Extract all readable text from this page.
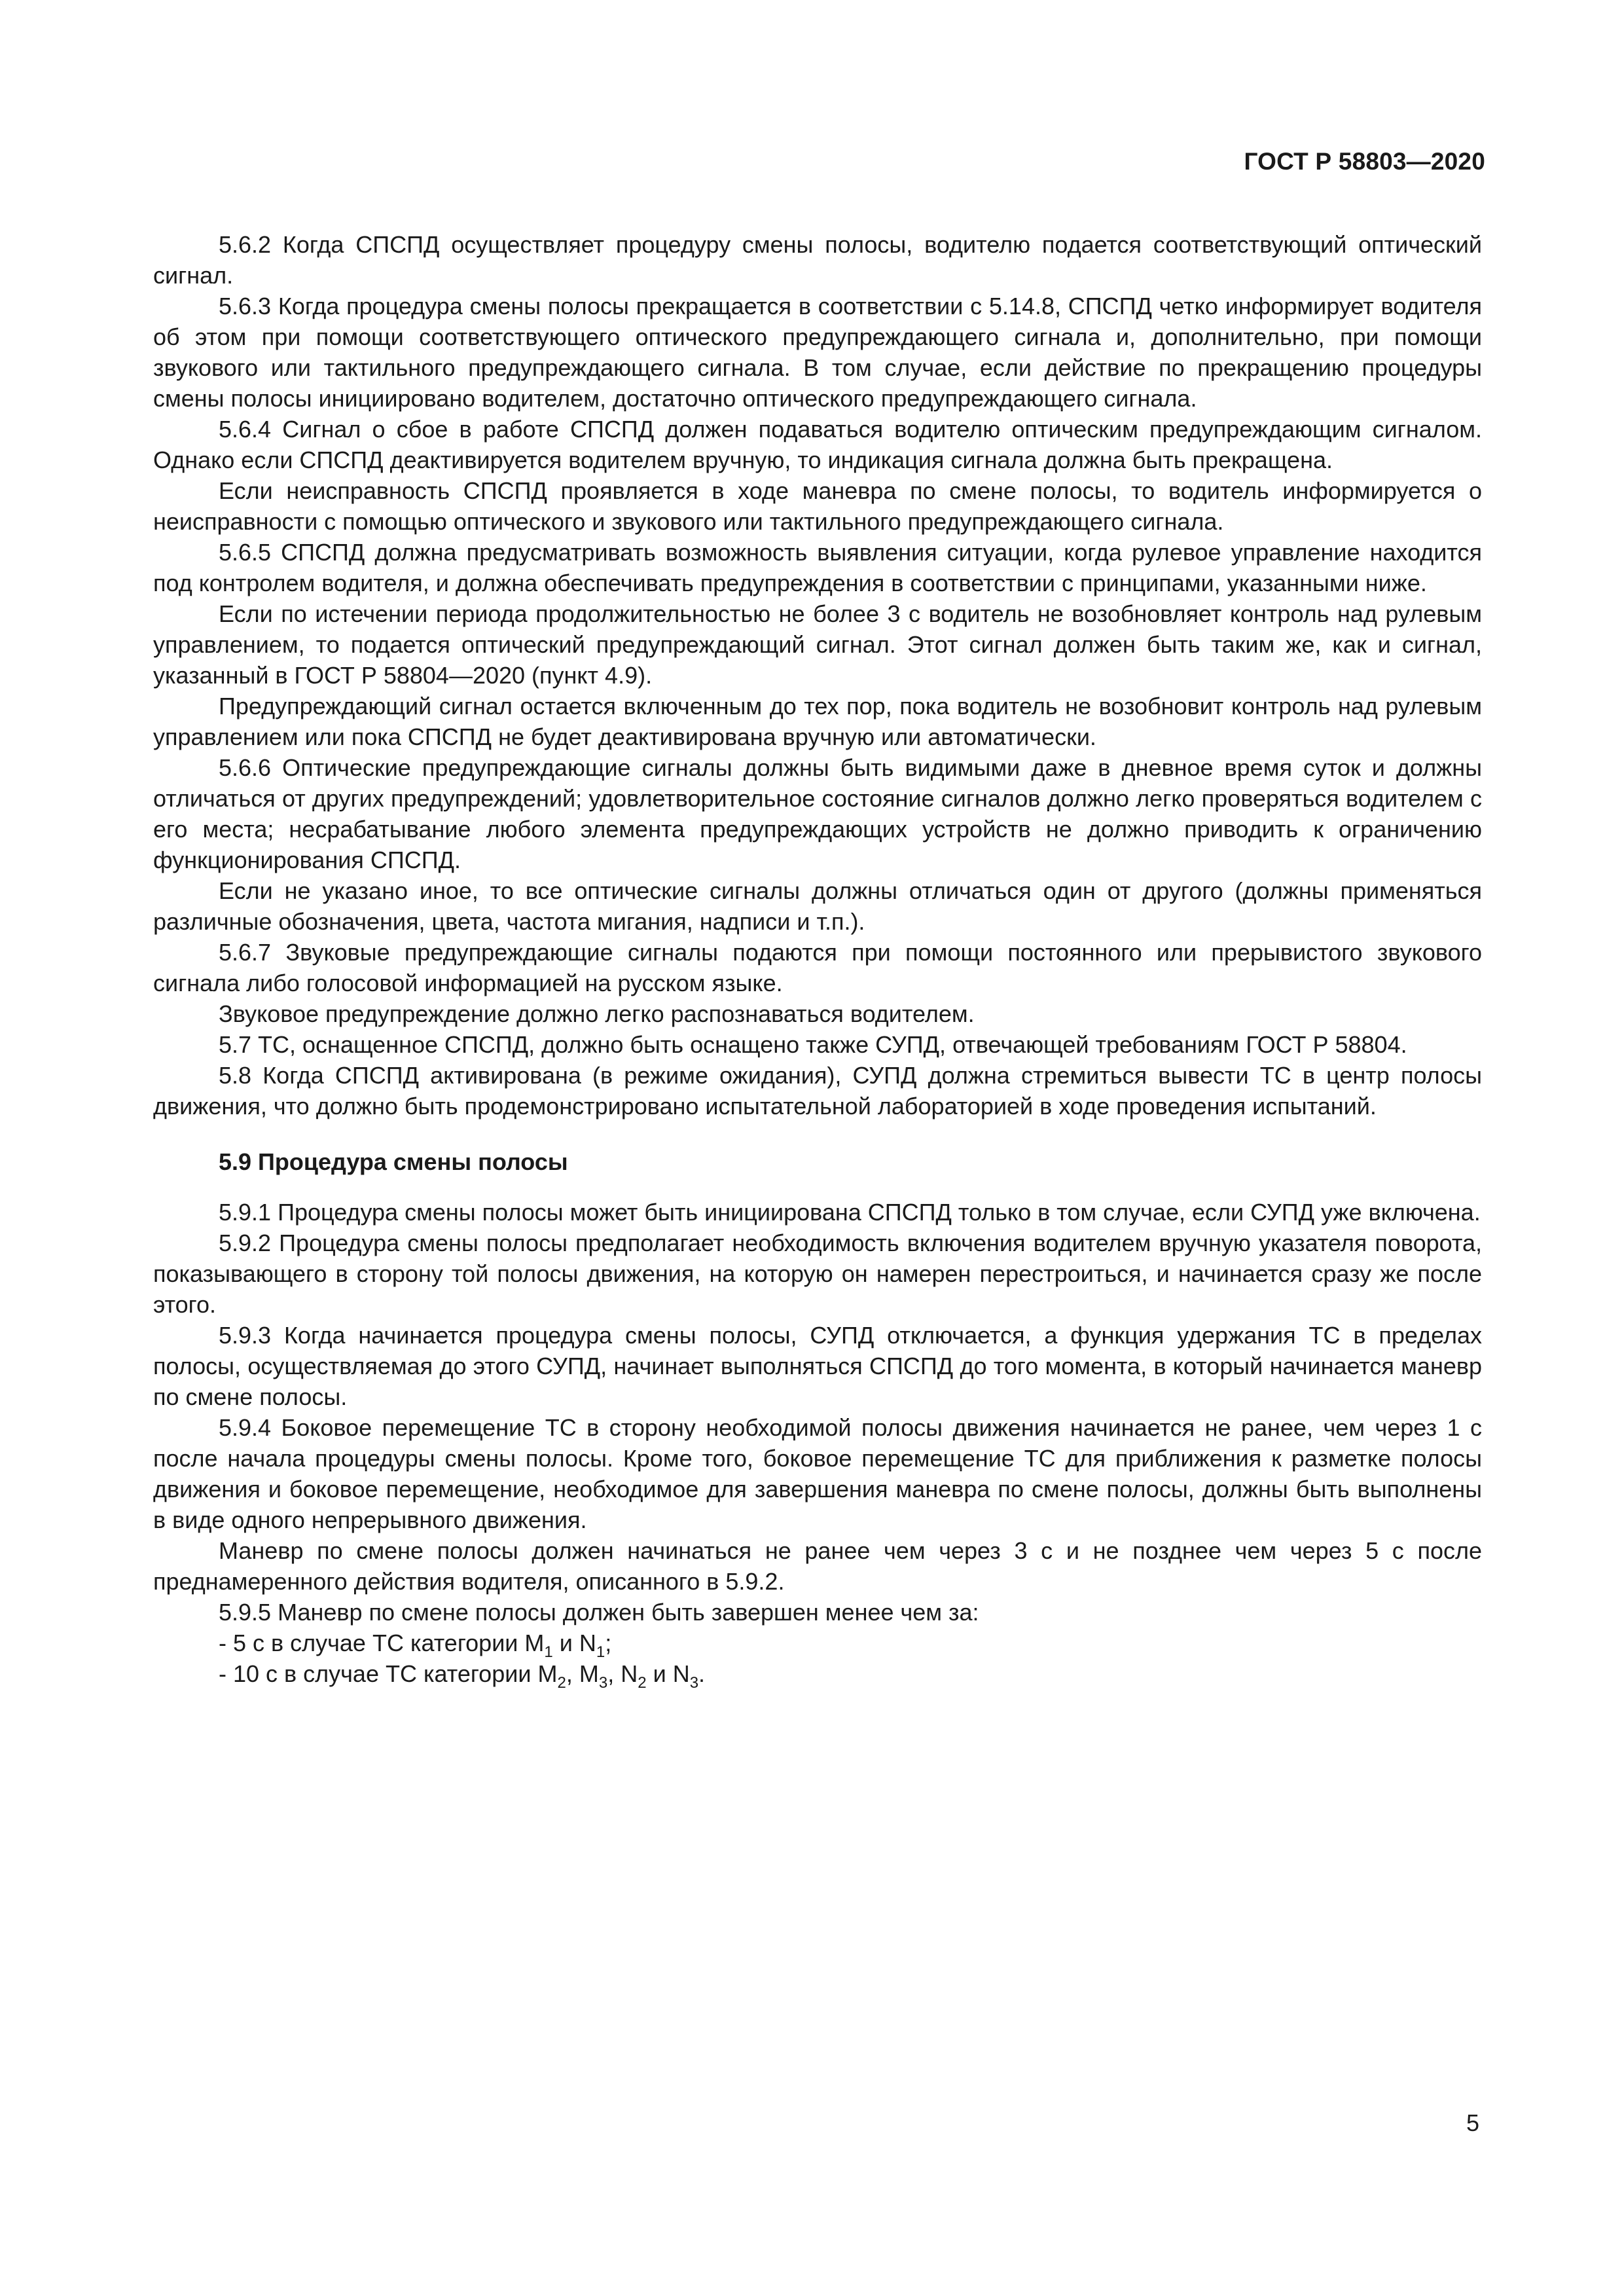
ГОСТ Р 58803—2020

5.6.2 Когда СПСПД осуществляет процедуру смены полосы, водителю подается соответствующий оптический сигнал.

5.6.3 Когда процедура смены полосы прекращается в соответствии с 5.14.8, СПСПД четко информирует водителя об этом при помощи соответствующего оптического предупреждающего сигнала и, дополнительно, при помощи звукового или тактильного предупреждающего сигнала. В том случае, если действие по прекращению процедуры смены полосы инициировано водителем, достаточно оптического предупреждающего сигнала.

5.6.4 Сигнал о сбое в работе СПСПД должен подаваться водителю оптическим предупреждающим сигналом. Однако если СПСПД деактивируется водителем вручную, то индикация сигнала должна быть прекращена.

Если неисправность СПСПД проявляется в ходе маневра по смене полосы, то водитель информируется о неисправности с помощью оптического и звукового или тактильного предупреждающего сигнала.

5.6.5 СПСПД должна предусматривать возможность выявления ситуации, когда рулевое управление находится под контролем водителя, и должна обеспечивать предупреждения в соответствии с принципами, указанными ниже.

Если по истечении периода продолжительностью не более 3 с водитель не возобновляет контроль над рулевым управлением, то подается оптический предупреждающий сигнал. Этот сигнал должен быть таким же, как и сигнал, указанный в ГОСТ Р 58804—2020 (пункт 4.9).

Предупреждающий сигнал остается включенным до тех пор, пока водитель не возобновит контроль над рулевым управлением или пока СПСПД не будет деактивирована вручную или автоматически.

5.6.6 Оптические предупреждающие сигналы должны быть видимыми даже в дневное время суток и должны отличаться от других предупреждений; удовлетворительное состояние сигналов должно легко проверяться водителем с его места; несрабатывание любого элемента предупреждающих устройств не должно приводить к ограничению функционирования СПСПД.

Если не указано иное, то все оптические сигналы должны отличаться один от другого (должны применяться различные обозначения, цвета, частота мигания, надписи и т.п.).

5.6.7 Звуковые предупреждающие сигналы подаются при помощи постоянного или прерывистого звукового сигнала либо голосовой информацией на русском языке.

Звуковое предупреждение должно легко распознаваться водителем.

5.7 ТС, оснащенное СПСПД, должно быть оснащено также СУПД, отвечающей требованиям ГОСТ Р 58804.

5.8 Когда СПСПД активирована (в режиме ожидания), СУПД должна стремиться вывести ТС в центр полосы движения, что должно быть продемонстрировано испытательной лабораторией в ходе проведения испытаний.

5.9 Процедура смены полосы

5.9.1 Процедура смены полосы может быть инициирована СПСПД только в том случае, если СУПД уже включена.

5.9.2 Процедура смены полосы предполагает необходимость включения водителем вручную указателя поворота, показывающего в сторону той полосы движения, на которую он намерен перестроиться, и начинается сразу же после этого.

5.9.3 Когда начинается процедура смены полосы, СУПД отключается, а функция удержания ТС в пределах полосы, осуществляемая до этого СУПД, начинает выполняться СПСПД до того момента, в который начинается маневр по смене полосы.

5.9.4 Боковое перемещение ТС в сторону необходимой полосы движения начинается не ранее, чем через 1 с после начала процедуры смены полосы. Кроме того, боковое перемещение ТС для приближения к разметке полосы движения и боковое перемещение, необходимое для завершения маневра по смене полосы, должны быть выполнены в виде одного непрерывного движения.

Маневр по смене полосы должен начинаться не ранее чем через 3 с и не позднее чем через 5 с после преднамеренного действия водителя, описанного в 5.9.2.

5.9.5 Маневр по смене полосы должен быть завершен менее чем за:

- 5 с в случае ТС категории $M_1$ и $N_1$;

- 10 с в случае ТС категории $M_2$, $M_3$, $N_2$ и $N_3$.

5
